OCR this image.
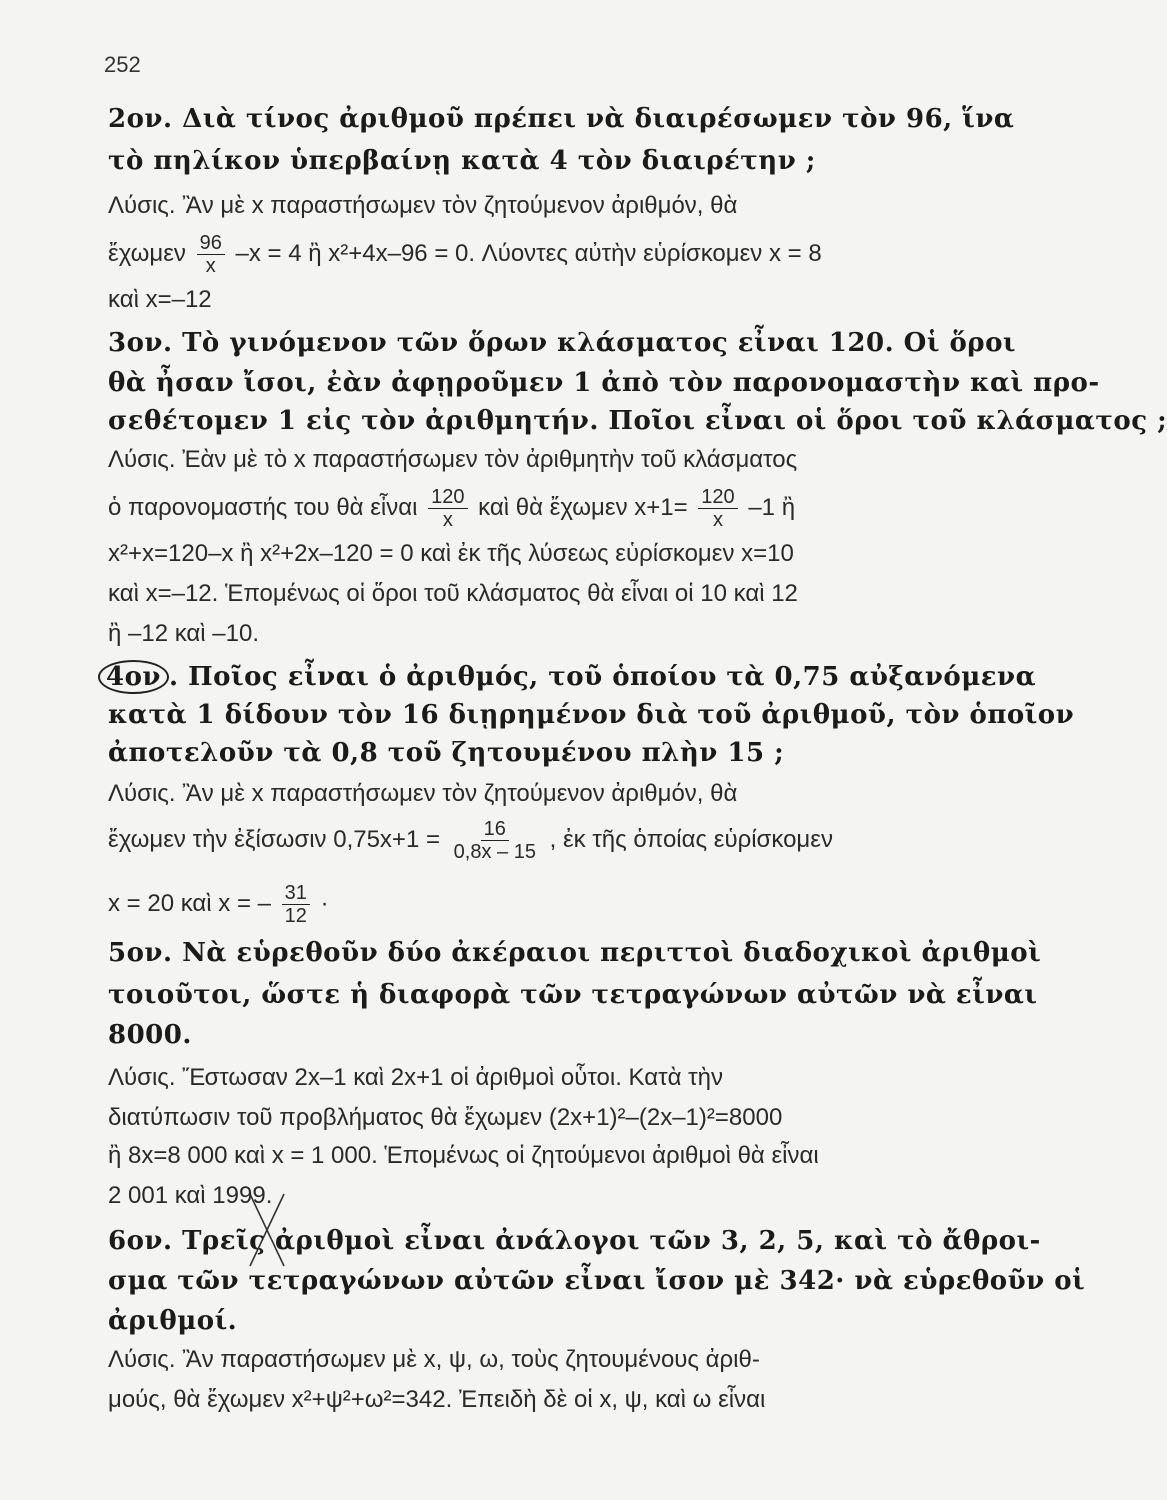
252
2ον. Διὰ τίνος ἀριθμοῦ πρέπει νὰ διαιρέσωμεν τὸν 96, ἵνα
τὸ πηλίκον ὑπερβαίνῃ κατὰ 4 τὸν διαιρέτην ;
Λύσις. Ἂν μὲ x παραστήσωμεν τὸν ζητούμενον ἀριθμόν, θὰ
ἔχωμεν $\frac{96}{x} -x = 4$ ἢ x²+4x–96 = 0. Λύοντες αὐτὴν εὑρίσκομεν x = 8
καὶ x=–12
3ον. Τὸ γινόμενον τῶν ὅρων κλάσματος εἶναι 120. Οἱ ὅροι
θὰ ἦσαν ἴσοι, ἐὰν ἀφῃροῦμεν 1 ἀπὸ τὸν παρονομαστὴν καὶ προ-
σεθέτομεν 1 εἰς τὸν ἀριθμητήν. Ποῖοι εἶναι οἱ ὅροι τοῦ κλάσματος ;
Λύσις. Ἐὰν μὲ τὸ x παραστήσωμεν τὸν ἀριθμητὴν τοῦ κλάσματος
ὁ παρονομαστής του θὰ εἶναι $\frac{120}{x}$ καὶ θὰ ἔχωμεν $x+1= \frac{120}{x} -1$ ἢ
x²+x=120–x ἢ x²+2x–120 = 0 καὶ ἐκ τῆς λύσεως εὑρίσκομεν x=10
καὶ x=–12. Ἑπομένως οἱ ὅροι τοῦ κλάσματος θὰ εἶναι οἱ 10 καὶ 12
ἢ –12 καὶ –10.
4ον . Ποῖος εἶναι ὁ ἀριθμός, τοῦ ὁποίου τὰ 0,75 αὐξανόμενα
κατὰ 1 δίδουν τὸν 16 διῃρημένον διὰ τοῦ ἀριθμοῦ, τὸν ὁποῖον
ἀποτελοῦν τὰ 0,8 τοῦ ζητουμένου πλὴν 15 ;
Λύσις. Ἂν μὲ x παραστήσωμεν τὸν ζητούμενον ἀριθμόν, θὰ
ἔχωμεν τὴν ἐξίσωσιν $0,75x+1 = \frac{16}{0,8x - 15}$ , ἐκ τῆς ὁποίας εὑρίσκομεν
x = 20 καὶ x = – $\frac{31}{12}$ ·
5ον. Νὰ εὑρεθοῦν δύο ἀκέραιοι περιττοὶ διαδοχικοὶ ἀριθμοὶ
τοιοῦτοι, ὥστε ἡ διαφορὰ τῶν τετραγώνων αὐτῶν νὰ εἶναι
8000.
Λύσις. Ἔστωσαν 2x–1 καὶ 2x+1 οἱ ἀριθμοὶ οὗτοι. Κατὰ τὴν
διατύπωσιν τοῦ προβλήματος θὰ ἔχωμεν (2x+1)²–(2x–1)²=8000
ἢ 8x=8 000 καὶ x = 1 000. Ἑπομένως οἱ ζητούμενοι ἀριθμοὶ θὰ εἶναι
2 001 καὶ 1999.
6ον. Τρεῖς ἀριθμοὶ εἶναι ἀνάλογοι τῶν 3, 2, 5, καὶ τὸ ἄθροι-
σμα τῶν τετραγώνων αὐτῶν εἶναι ἴσον μὲ 342· νὰ εὑρεθοῦν οἱ
ἀριθμοί.
Λύσις. Ἂν παραστήσωμεν μὲ x, ψ, ω, τοὺς ζητουμένους ἀριθ-
μούς, θὰ ἔχωμεν x²+ψ²+ω²=342. Ἐπειδὴ δὲ οἱ x, ψ, καὶ ω εἶναι
